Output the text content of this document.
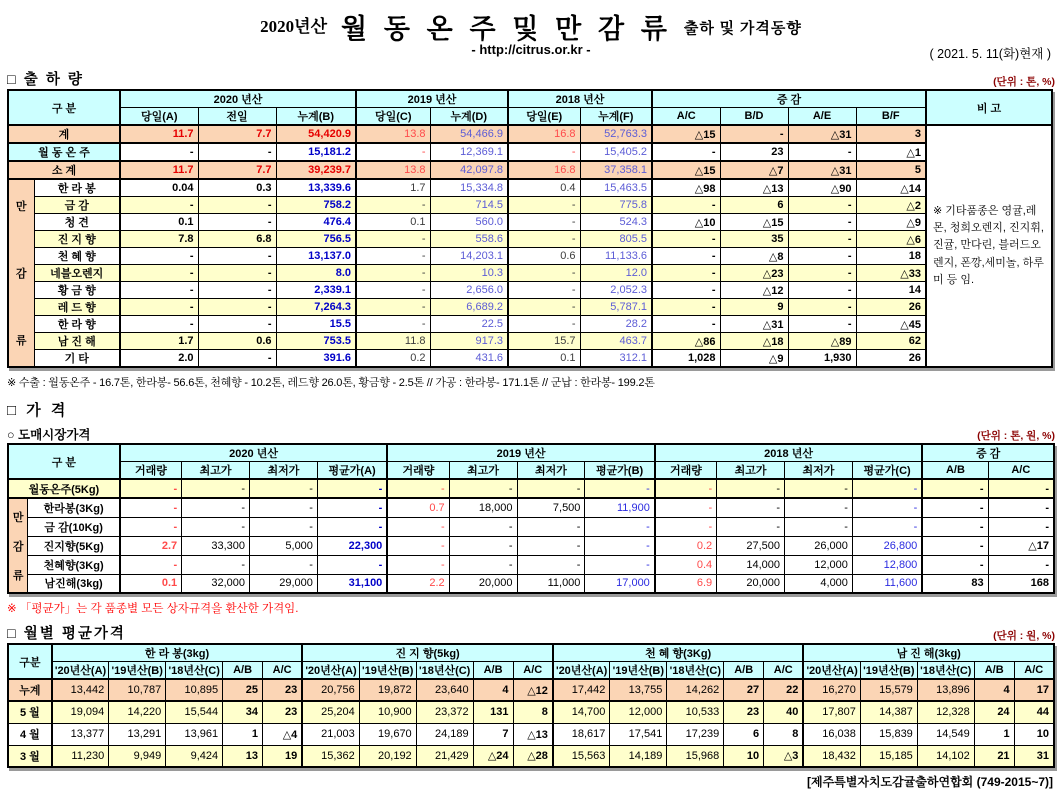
2020년산 월 동 온 주 및 만 감 류 출하 및 가격동향
- http://citrus.or.kr -	( 2021. 5. 11(화)현재 )
□ 출 하 량	(단위 : 톤, %)
구 분		2020 년산			2019 년산		2018 년산		증 감				비 고
		당일(A)	전일	누계(B)	당일(C)	누계(D)	당일(E)	누계(F)	A/C	B/D	A/E	B/F	
계		11.7	7.7	54,420.9	13.8	54,466.9	16.8	52,763.3	△15	-	△31	3	※ 기타품종은 영귤,레몬, 청희오렌지, 진지휘, 진귤, 만다린, 블러드오렌지, 폰깡,세미놀, 하루미 등 임.
월 동 온 주		-	-	15,181.2	-	12,369.1	-	15,405.2	-	23	-	△1	
소 계		11.7	7.7	39,239.7	13.8	42,097.8	16.8	37,358.1	△15	△7	△31	5	

만
감
류	한 라 봉	0.04	0.3	13,339.6	1.7	15,334.8	0.4	15,463.5	△98	△13	△90	△14	
	금 감	-	-	758.2	-	714.5	-	775.8	-	6	-	△2	
	청 견	0.1	-	476.4	0.1	560.0	-	524.3	△10	△15	-	△9	
	진 지 향	7.8	6.8	756.5	-	558.6	-	805.5	-	35	-	△6	
	천 혜 향	-	-	13,137.0	-	14,203.1	0.6	11,133.6	-	△8	-	18	
	네블오렌지	-	-	8.0	-	10.3	-	12.0	-	△23	-	△33	
	황 금 향	-	-	2,339.1	-	2,656.0	-	2,052.3	-	△12	-	14	
	레 드 향	-	-	7,264.3	-	6,689.2	-	5,787.1	-	9	-	26	
	한 라 향	-	-	15.5	-	22.5	-	28.2	-	△31	-	△45	
	남 진 해	1.7	0.6	753.5	11.8	917.3	15.7	463.7	△86	△18	△89	62	
	기 타	2.0	-	391.6	0.2	431.6	0.1	312.1	1,028	△9	1,930	26	
※ 수출 : 월동온주 - 16.7톤, 한라봉- 56.6톤, 천혜향 - 10.2톤, 레드향 26.0톤, 황금향 - 2.5톤 // 가공 : 한라봉- 171.1톤 // 군납 : 한라봉- 199.2톤
□ 가 격
○ 도매시장가격	(단위 : 톤, 원, %)
구 분		2020 년산				2019 년산				2018 년산				증 감	
		거래량	최고가	최저가	평균가(A)	거래량	최고가	최저가	평균가(B)	거래량	최고가	최저가	평균가(C)	A/B	A/C
월동온주(5Kg)		-	-	-	-	-	-	-	-	-	-	-	-	-	-

만
감
류	한라봉(3Kg)	-	-	-	-	0.7	18,000	7,500	11,900	-	-	-	-	-	-
	금 감(10Kg)	-	-	-	-	-	-	-	-	-	-	-	-	-	-
	진지향(5Kg)	2.7	33,300	5,000	22,300	-	-	-	-	0.2	27,500	26,000	26,800	-	△17
	천혜향(3Kg)	-	-	-	-	-	-	-	-	0.4	14,000	12,000	12,800	-	-
	남진해(3kg)	0.1	32,000	29,000	31,100	2.2	20,000	11,000	17,000	6.9	20,000	4,000	11,600	83	168
※ 「평균가」는 각 품종별 모든 상자규격을 환산한 가격임.
□ 월별 평균가격	(단위 : 원, %)
구분	한 라 봉(3kg)					진 지 향(5kg)					천 혜 향(3Kg)					남 진 해(3kg)				
	'20년산(A)	'19년산(B)	'18년산(C)	A/B	A/C	'20년산(A)	'19년산(B)	'18년산(C)	A/B	A/C	'20년산(A)	'19년산(B)	'18년산(C)	A/B	A/C	'20년산(A)	'19년산(B)	'18년산(C)	A/B	A/C
누계	13,442	10,787	10,895	25	23	20,756	19,872	23,640	4	△12	17,442	13,755	14,262	27	22	16,270	15,579	13,896	4	17
5 월	19,094	14,220	15,544	34	23	25,204	10,900	23,372	131	8	14,700	12,000	10,533	23	40	17,807	14,387	12,328	24	44
4 월	13,377	13,291	13,961	1	△4	21,003	19,670	24,189	7	△13	18,617	17,541	17,239	6	8	16,038	15,839	14,549	1	10
3 월	11,230	9,949	9,424	13	19	15,362	20,192	21,429	△24	△28	15,563	14,189	15,968	10	△3	18,432	15,185	14,102	21	31
[제주특별자치도감귤출하연합회 (749-2015~7)]
